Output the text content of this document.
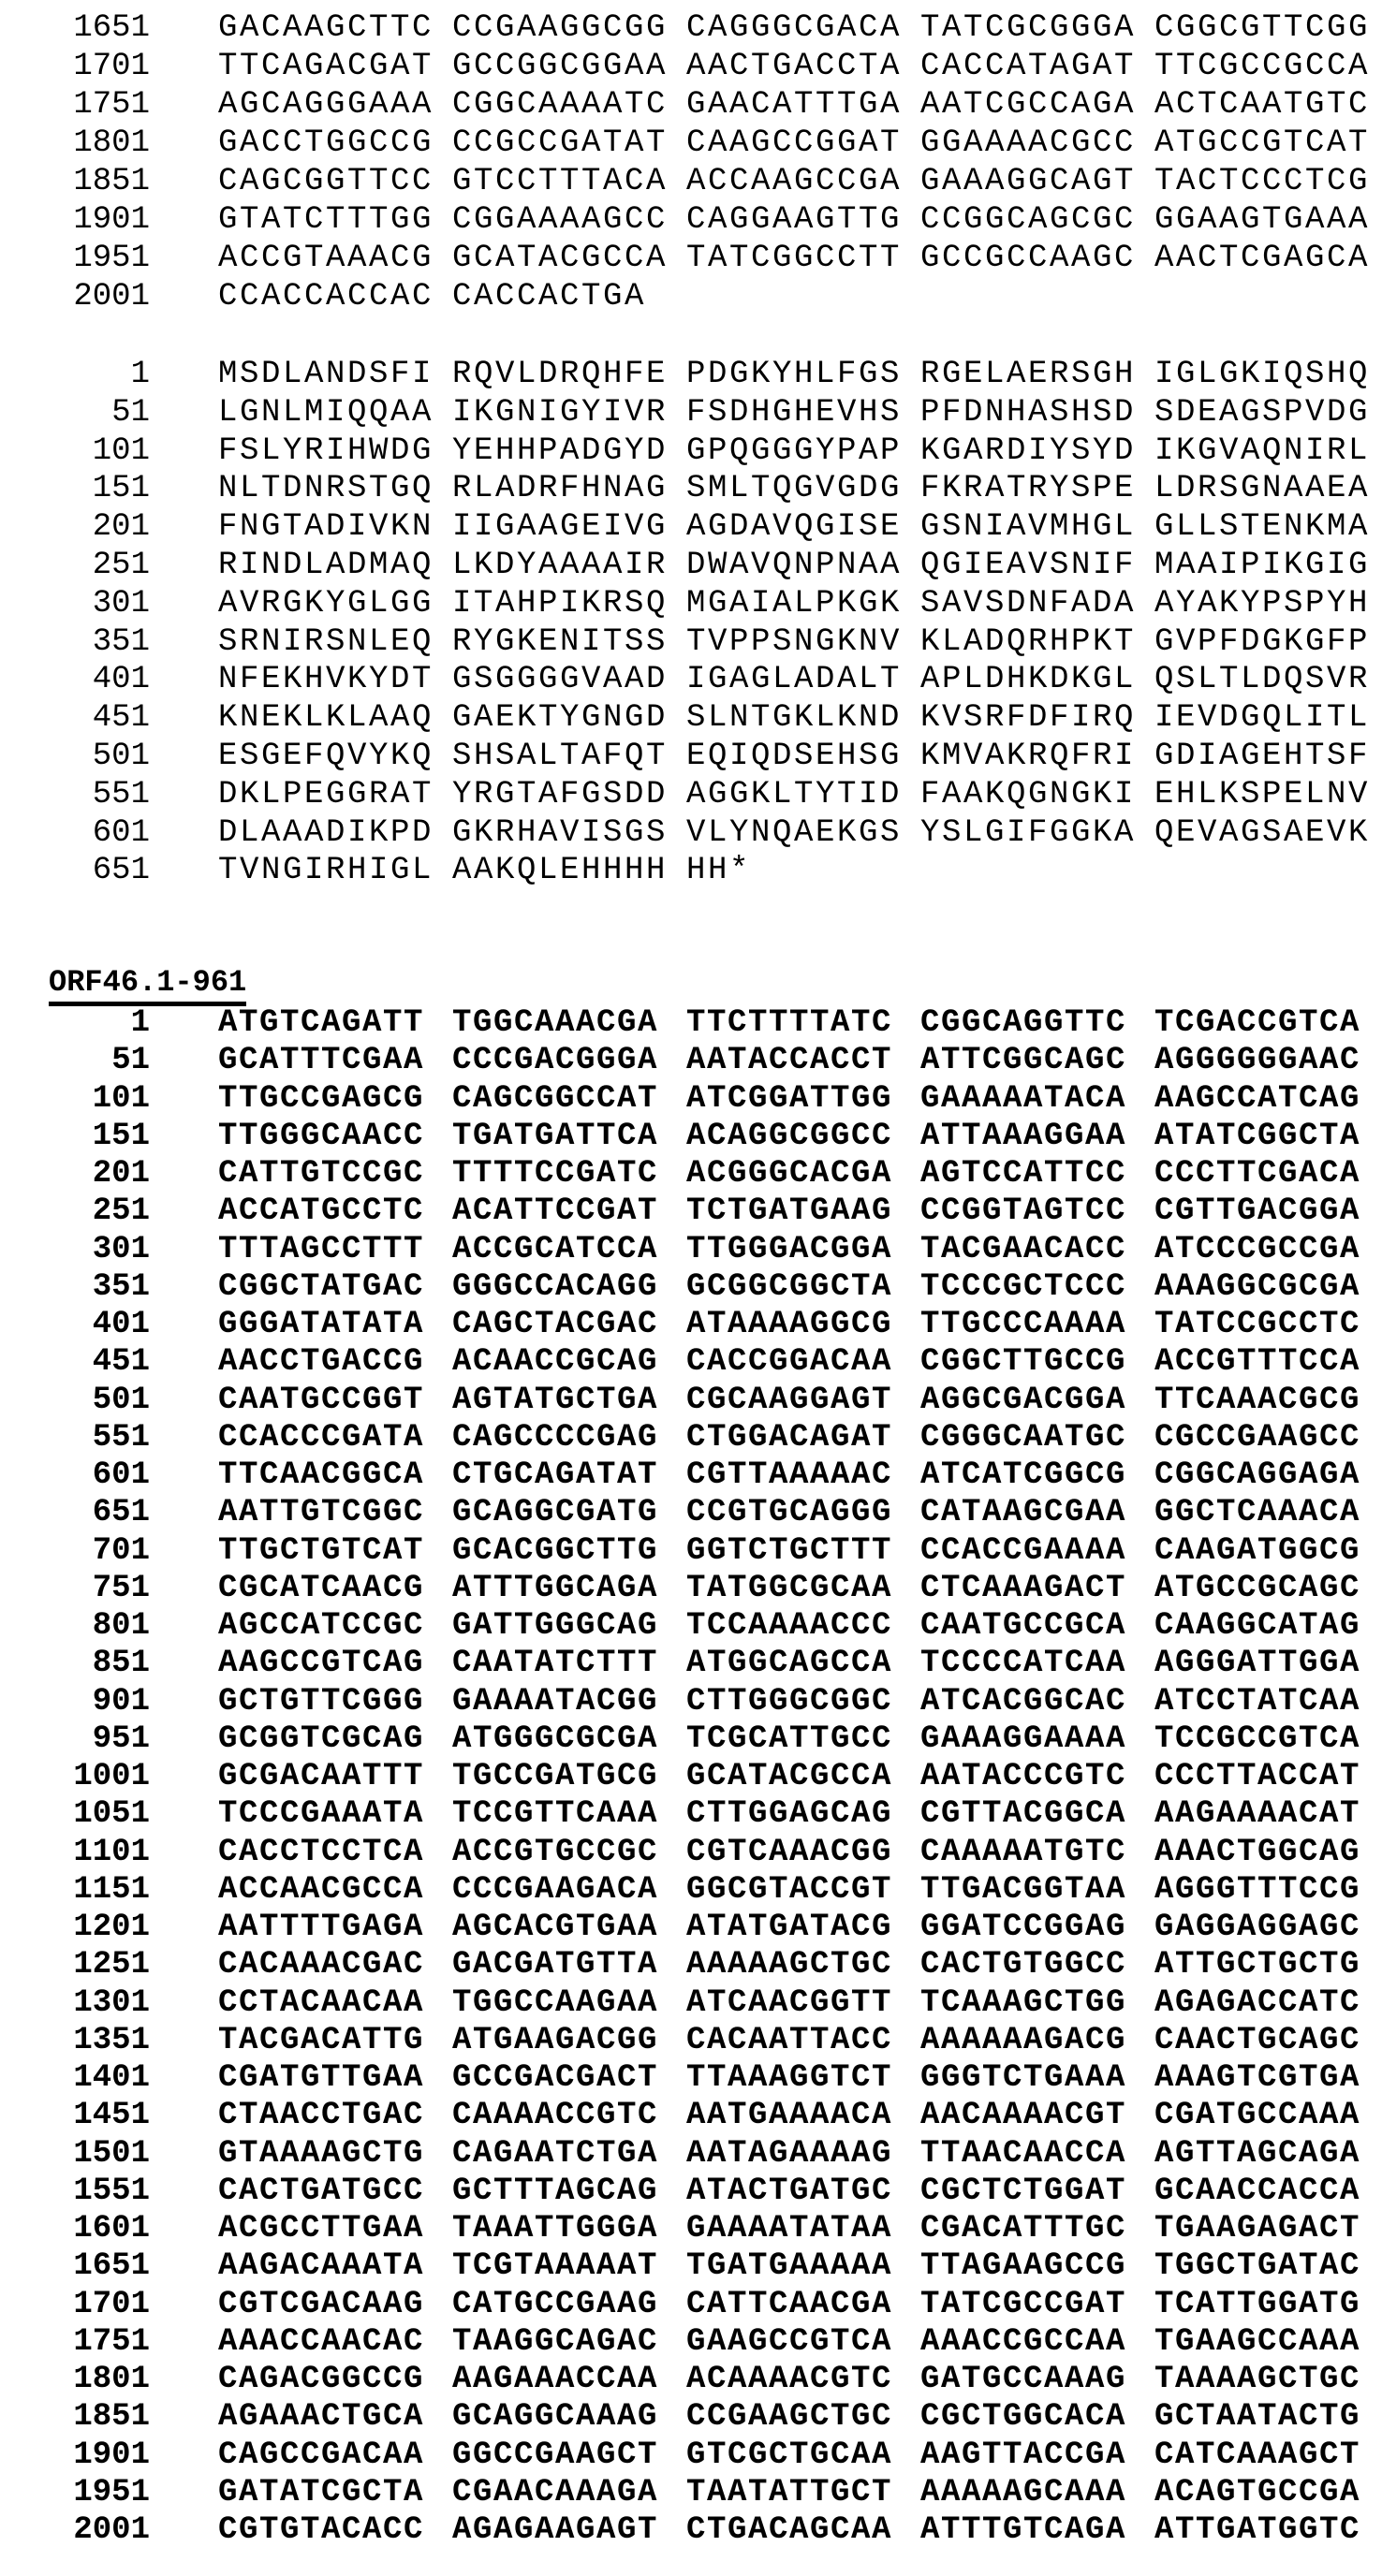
1651 GACAAGCTTC CCGAAGGCGG CAGGGCGACA TATCGCGGGA CGGCGTTCGG
1701 TTCAGACGAT GCCGGCGGAA AACTGACCTA CACCATAGAT TTCGCCGCCA
1751 AGCAGGGAAA CGGCAAAATC GAACATTTGA AATCGCCAGA ACTCAATGTC
1801 GACCTGGCCG CCGCCGATAT CAAGCCGGAT GGAAAACGCC ATGCCGTCAT
1851 CAGCGGTTCC GTCCTTTACA ACCAAGCCGA GAAAGGCAGT TACTCCCTCG
1901 GTATCTTTGG CGGAAAAGCC CAGGAAGTTG CCGGCAGCGC GGAAGTGAAA
1951 ACCGTAAACG GCATACGCCA TATCGGCCTT GCCGCCAAGC AACTCGAGCA
2001 CCACCACCAC CACCACTGA
1 MSDLANDSFI RQVLDRQHFE PDGKYHLFGS RGELAERSGH IGLGKIQSHQ
51 LGNLMIQQAA IKGNIGYIVR FSDHGHEVHS PFDNHASHSD SDEAGSPVDG
101 FSLYRIHWDG YEHHPADGYD GPQGGGYPAP KGARDIYSYD IKGVAQNIRL
151 NLTDNRSTGQ RLADRFHNAG SMLTQGVGDG FKRATRYSPE LDRSGNAAEA
201 FNGTADIVKN IIGAAGEIVG AGDAVQGISE GSNIAVMHGL GLLSTENKMA
251 RINDLADMAQ LKDYAAAAIR DWAVQNPNAA QGIEAVSNIF MAAIPIKGIG
301 AVRGKYGLGG ITAHPIKRSQ MGAIALPKGK SAVSDNFADA AYAKYPSPYH
351 SRNIRSNLEQ RYGKENITSS TVPPSNGKNV KLADQRHPKT GVPFDGKGFP
401 NFEKHVKYDT GSGGGGVAAD IGAGLADALT APLDHKDKGL QSLTLDQSVR
451 KNEKLKLAAQ GAEKTYGNGD SLNTGKLKND KVSRFDFIRQ IEVDGQLITL
501 ESGEFQVYKQ SHSALTAFQT EQIQDSEHSG KMVAKRQFRI GDIAGEHTSF
551 DKLPEGGRAT YRGTAFGSDD AGGKLTYTID FAAKQGNGKI EHLKSPELNV
601 DLAAADIKPD GKRHAVISGS VLYNQAEKGS YSLGIFGGKA QEVAGSAEVK
651 TVNGIRHIGL AAKQLEHHHH HH*
ORF46.1-961
1 ATGTCAGATT TGGCAAACGA TTCTTTTATC CGGCAGGTTC TCGACCGTCA
51 GCATTTCGAA CCCGACGGGA AATACCACCT ATTCGGCAGC AGGGGGGAAC
101 TTGCCGAGCG CAGCGGCCAT ATCGGATTGG GAAAAATACA AAGCCATCAG
151 TTGGGCAACC TGATGATTCA ACAGGCGGCC ATTAAAGGAA ATATCGGCTA
201 CATTGTCCGC TTTTCCGATC ACGGGCACGA AGTCCATTCC CCCTTCGACA
251 ACCATGCCTC ACATTCCGAT TCTGATGAAG CCGGTAGTCC CGTTGACGGA
301 TTTAGCCTTT ACCGCATCCA TTGGGACGGA TACGAACACC ATCCCGCCGA
351 CGGCTATGAC GGGCCACAGG GCGGCGGCTA TCCCGCTCCC AAAGGCGCGA
401 GGGATATATA CAGCTACGAC ATAAAAGGCG TTGCCCAAAA TATCCGCCTC
451 AACCTGACCG ACAACCGCAG CACCGGACAA CGGCTTGCCG ACCGTTTCCA
501 CAATGCCGGT AGTATGCTGA CGCAAGGAGT AGGCGACGGA TTCAAACGCG
551 CCACCCGATA CAGCCCCGAG CTGGACAGAT CGGGCAATGC CGCCGAAGCC
601 TTCAACGGCA CTGCAGATAT CGTTAAAAAC ATCATCGGCG CGGCAGGAGA
651 AATTGTCGGC GCAGGCGATG CCGTGCAGGG CATAAGCGAA GGCTCAAACA
701 TTGCTGTCAT GCACGGCTTG GGTCTGCTTT CCACCGAAAA CAAGATGGCG
751 CGCATCAACG ATTTGGCAGA TATGGCGCAA CTCAAAGACT ATGCCGCAGC
801 AGCCATCCGC GATTGGGCAG TCCAAAACCC CAATGCCGCA CAAGGCATAG
851 AAGCCGTCAG CAATATCTTT ATGGCAGCCA TCCCCATCAA AGGGATTGGA
901 GCTGTTCGGG GAAAATACGG CTTGGGCGGC ATCACGGCAC ATCCTATCAA
951 GCGGTCGCAG ATGGGCGCGA TCGCATTGCC GAAAGGAAAA TCCGCCGTCA
1001 GCGACAATTT TGCCGATGCG GCATACGCCA AATACCCGTC CCCTTACCAT
1051 TCCCGAAATA TCCGTTCAAA CTTGGAGCAG CGTTACGGCA AAGAAAACAT
1101 CACCTCCTCA ACCGTGCCGC CGTCAAACGG CAAAAATGTC AAACTGGCAG
1151 ACCAACGCCA CCCGAAGACA GGCGTACCGT TTGACGGTAA AGGGTTTCCG
1201 AATTTTGAGA AGCACGTGAA ATATGATACG GGATCCGGAG GAGGAGGAGC
1251 CACAAACGAC GACGATGTTA AAAAAGCTGC CACTGTGGCC ATTGCTGCTG
1301 CCTACAACAA TGGCCAAGAA ATCAACGGTT TCAAAGCTGG AGAGACCATC
1351 TACGACATTG ATGAAGACGG CACAATTACC AAAAAAGACG CAACTGCAGC
1401 CGATGTTGAA GCCGACGACT TTAAAGGTCT GGGTCTGAAA AAAGTCGTGA
1451 CTAACCTGAC CAAAACCGTC AATGAAAACA AACAAAACGT CGATGCCAAA
1501 GTAAAAGCTG CAGAATCTGA AATAGAAAAG TTAACAACCA AGTTAGCAGA
1551 CACTGATGCC GCTTTAGCAG ATACTGATGC CGCTCTGGAT GCAACCACCA
1601 ACGCCTTGAA TAAATTGGGA GAAAATATAA CGACATTTGC TGAAGAGACT
1651 AAGACAAATA TCGTAAAAAT TGATGAAAAA TTAGAAGCCG TGGCTGATAC
1701 CGTCGACAAG CATGCCGAAG CATTCAACGA TATCGCCGAT TCATTGGATG
1751 AAACCAACAC TAAGGCAGAC GAAGCCGTCA AAACCGCCAA TGAAGCCAAA
1801 CAGACGGCCG AAGAAACCAA ACAAAACGTC GATGCCAAAG TAAAAGCTGC
1851 AGAAACTGCA GCAGGCAAAG CCGAAGCTGC CGCTGGCACA GCTAATACTG
1901 CAGCCGACAA GGCCGAAGCT GTCGCTGCAA AAGTTACCGA CATCAAAGCT
1951 GATATCGCTA CGAACAAAGA TAATATTGCT AAAAAGCAAA ACAGTGCCGA
2001 CGTGTACACC AGAGAAGAGT CTGACAGCAA ATTTGTCAGA ATTGATGGTC
